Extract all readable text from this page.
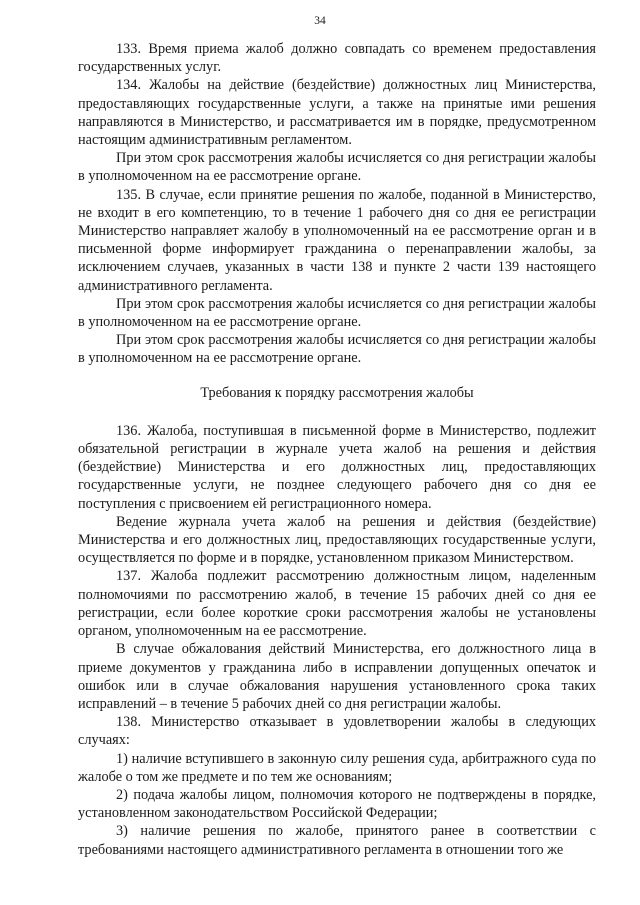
34

133. Время приема жалоб должно совпадать со временем предоставления государственных услуг.

134. Жалобы на действие (бездействие) должностных лиц Министерства, предоставляющих государственные услуги, а также на принятые ими решения направляются в Министерство, и рассматривается им в порядке, предусмотренном настоящим административным регламентом.

При этом срок рассмотрения жалобы исчисляется со дня регистрации жалобы в уполномоченном на ее рассмотрение органе.

135. В случае, если принятие решения по жалобе, поданной в Министерство, не входит в его компетенцию, то в течение 1 рабочего дня со дня ее регистрации Министерство направляет жалобу в уполномоченный на ее рассмотрение орган и в письменной форме информирует гражданина о перенаправлении жалобы, за исключением случаев, указанных в части 138 и пункте 2 части 139 настоящего административного регламента.

При этом срок рассмотрения жалобы исчисляется со дня регистрации жалобы в уполномоченном на ее рассмотрение органе.

При этом срок рассмотрения жалобы исчисляется со дня регистрации жалобы в уполномоченном на ее рассмотрение органе.

Требования к порядку рассмотрения жалобы

136. Жалоба, поступившая в письменной форме в Министерство, подлежит обязательной регистрации в журнале учета жалоб на решения и действия (бездействие) Министерства и его должностных лиц, предоставляющих государственные услуги, не позднее следующего рабочего дня со дня ее поступления с присвоением ей регистрационного номера.

Ведение журнала учета жалоб на решения и действия (бездействие) Министерства и его должностных лиц, предоставляющих государственные услуги, осуществляется по форме и в порядке, установленном приказом Министерством.

137. Жалоба подлежит рассмотрению должностным лицом, наделенным полномочиями по рассмотрению жалоб, в течение 15 рабочих дней со дня ее регистрации, если более короткие сроки рассмотрения жалобы не установлены органом, уполномоченным на ее рассмотрение.

В случае обжалования действий Министерства, его должностного лица в приеме документов у гражданина либо в исправлении допущенных опечаток и ошибок или в случае обжалования нарушения установленного срока таких исправлений – в течение 5 рабочих дней со дня регистрации жалобы.

138. Министерство отказывает в удовлетворении жалобы в следующих случаях:

1) наличие вступившего в законную силу решения суда, арбитражного суда по жалобе о том же предмете и по тем же основаниям;

2) подача жалобы лицом, полномочия которого не подтверждены в порядке, установленном законодательством Российской Федерации;

3) наличие решения по жалобе, принятого ранее в соответствии с требованиями настоящего административного регламента в отношении того же
